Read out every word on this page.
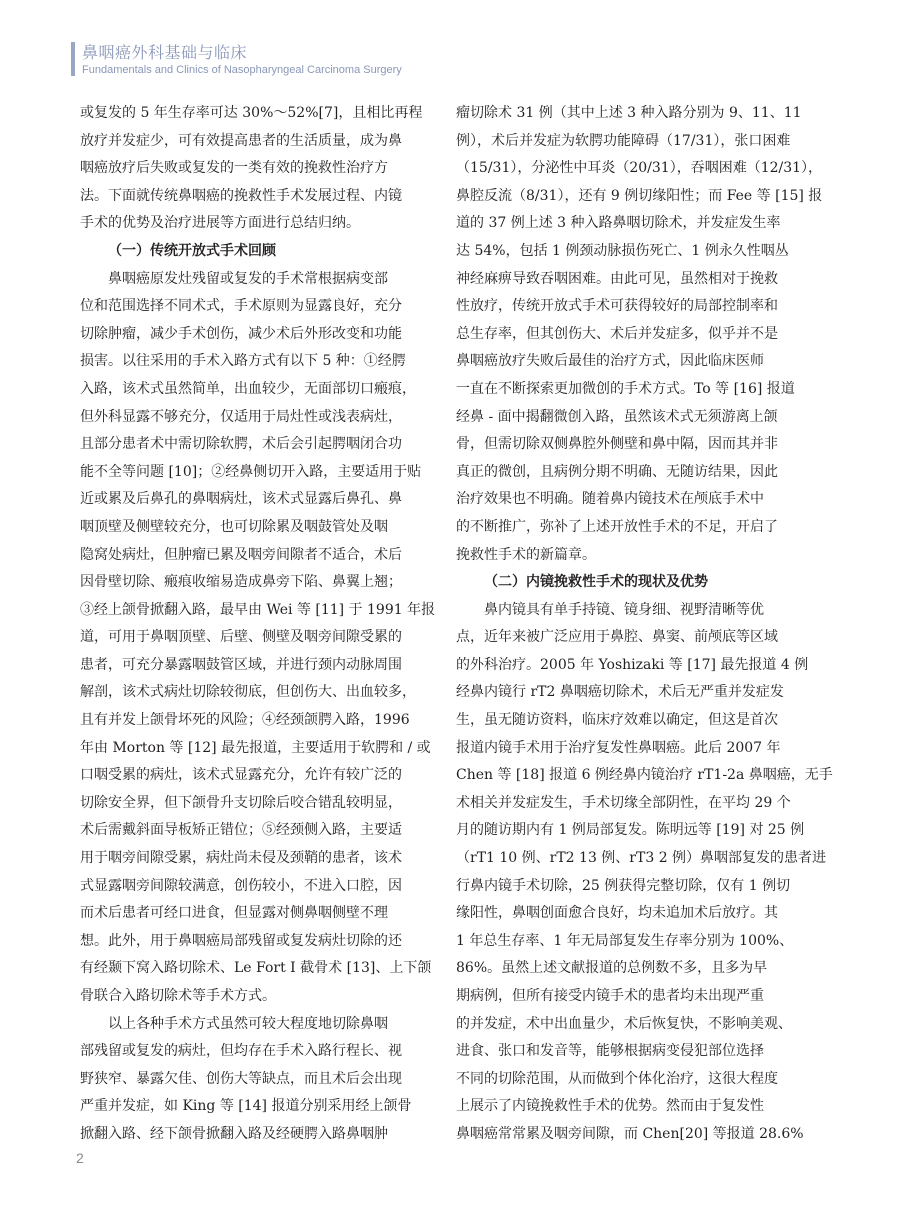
鼻咽癌外科基础与临床
Fundamentals and Clinics of Nasopharyngeal Carcinoma Surgery
或复发的 5 年生存率可达 30%～52%[7]，且相比再程
放疗并发症少，可有效提高患者的生活质量，成为鼻
咽癌放疗后失败或复发的一类有效的挽救性治疗方
法。下面就传统鼻咽癌的挽救性手术发展过程、内镜
手术的优势及治疗进展等方面进行总结归纳。
（一）传统开放式手术回顾
鼻咽癌原发灶残留或复发的手术常根据病变部
位和范围选择不同术式，手术原则为显露良好，充分
切除肿瘤，减少手术创伤，减少术后外形改变和功能
损害。以往采用的手术入路方式有以下 5 种：①经腭
入路，该术式虽然简单，出血较少，无面部切口瘢痕，
但外科显露不够充分，仅适用于局灶性或浅表病灶，
且部分患者术中需切除软腭，术后会引起腭咽闭合功
能不全等问题 [10]；②经鼻侧切开入路，主要适用于贴
近或累及后鼻孔的鼻咽病灶，该术式显露后鼻孔、鼻
咽顶壁及侧壁较充分，也可切除累及咽鼓管处及咽
隐窝处病灶，但肿瘤已累及咽旁间隙者不适合，术后
因骨壁切除、瘢痕收缩易造成鼻旁下陷、鼻翼上翘；
③经上颌骨掀翻入路，最早由 Wei 等 [11] 于 1991 年报
道，可用于鼻咽顶壁、后壁、侧壁及咽旁间隙受累的
患者，可充分暴露咽鼓管区域，并进行颈内动脉周围
解剖，该术式病灶切除较彻底，但创伤大、出血较多，
且有并发上颌骨坏死的风险；④经颈颌腭入路，1996
年由 Morton 等 [12] 最先报道，主要适用于软腭和 / 或
口咽受累的病灶，该术式显露充分，允许有较广泛的
切除安全界，但下颌骨升支切除后咬合错乱较明显，
术后需戴斜面导板矫正错位；⑤经颈侧入路，主要适
用于咽旁间隙受累，病灶尚未侵及颈鞘的患者，该术
式显露咽旁间隙较满意，创伤较小，不进入口腔，因
而术后患者可经口进食，但显露对侧鼻咽侧壁不理
想。此外，用于鼻咽癌局部残留或复发病灶切除的还
有经颞下窝入路切除术、Le Fort I 截骨术 [13]、上下颌
骨联合入路切除术等手术方式。
以上各种手术方式虽然可较大程度地切除鼻咽
部残留或复发的病灶，但均存在手术入路行程长、视
野狭窄、暴露欠佳、创伤大等缺点，而且术后会出现
严重并发症，如 King 等 [14] 报道分别采用经上颌骨
掀翻入路、经下颌骨掀翻入路及经硬腭入路鼻咽肿
瘤切除术 31 例（其中上述 3 种入路分别为 9、11、11
例），术后并发症为软腭功能障碍（17/31），张口困难
（15/31），分泌性中耳炎（20/31），吞咽困难（12/31），
鼻腔反流（8/31），还有 9 例切缘阳性；而 Fee 等 [15] 报
道的 37 例上述 3 种入路鼻咽切除术，并发症发生率
达 54%，包括 1 例颈动脉损伤死亡、1 例永久性咽丛
神经麻痹导致吞咽困难。由此可见，虽然相对于挽救
性放疗，传统开放式手术可获得较好的局部控制率和
总生存率，但其创伤大、术后并发症多，似乎并不是
鼻咽癌放疗失败后最佳的治疗方式，因此临床医师
一直在不断探索更加微创的手术方式。To 等 [16] 报道
经鼻 - 面中揭翻微创入路，虽然该术式无须游离上颌
骨，但需切除双侧鼻腔外侧壁和鼻中隔，因而其并非
真正的微创，且病例分期不明确、无随访结果，因此
治疗效果也不明确。随着鼻内镜技术在颅底手术中
的不断推广，弥补了上述开放性手术的不足，开启了
挽救性手术的新篇章。
（二）内镜挽救性手术的现状及优势
鼻内镜具有单手持镜、镜身细、视野清晰等优
点，近年来被广泛应用于鼻腔、鼻窦、前颅底等区域
的外科治疗。2005 年 Yoshizaki 等 [17] 最先报道 4 例
经鼻内镜行 rT2 鼻咽癌切除术，术后无严重并发症发
生，虽无随访资料，临床疗效难以确定，但这是首次
报道内镜手术用于治疗复发性鼻咽癌。此后 2007 年
Chen 等 [18] 报道 6 例经鼻内镜治疗 rT1-2a 鼻咽癌，无手
术相关并发症发生，手术切缘全部阴性，在平均 29 个
月的随访期内有 1 例局部复发。陈明远等 [19] 对 25 例
（rT1 10 例、rT2 13 例、rT3 2 例）鼻咽部复发的患者进
行鼻内镜手术切除，25 例获得完整切除，仅有 1 例切
缘阳性，鼻咽创面愈合良好，均未追加术后放疗。其
1 年总生存率、1 年无局部复发生存率分别为 100%、
86%。虽然上述文献报道的总例数不多，且多为早
期病例，但所有接受内镜手术的患者均未出现严重
的并发症，术中出血量少，术后恢复快，不影响美观、
进食、张口和发音等，能够根据病变侵犯部位选择
不同的切除范围，从而做到个体化治疗，这很大程度
上展示了内镜挽救性手术的优势。然而由于复发性
鼻咽癌常常累及咽旁间隙，而 Chen[20] 等报道 28.6%
2
